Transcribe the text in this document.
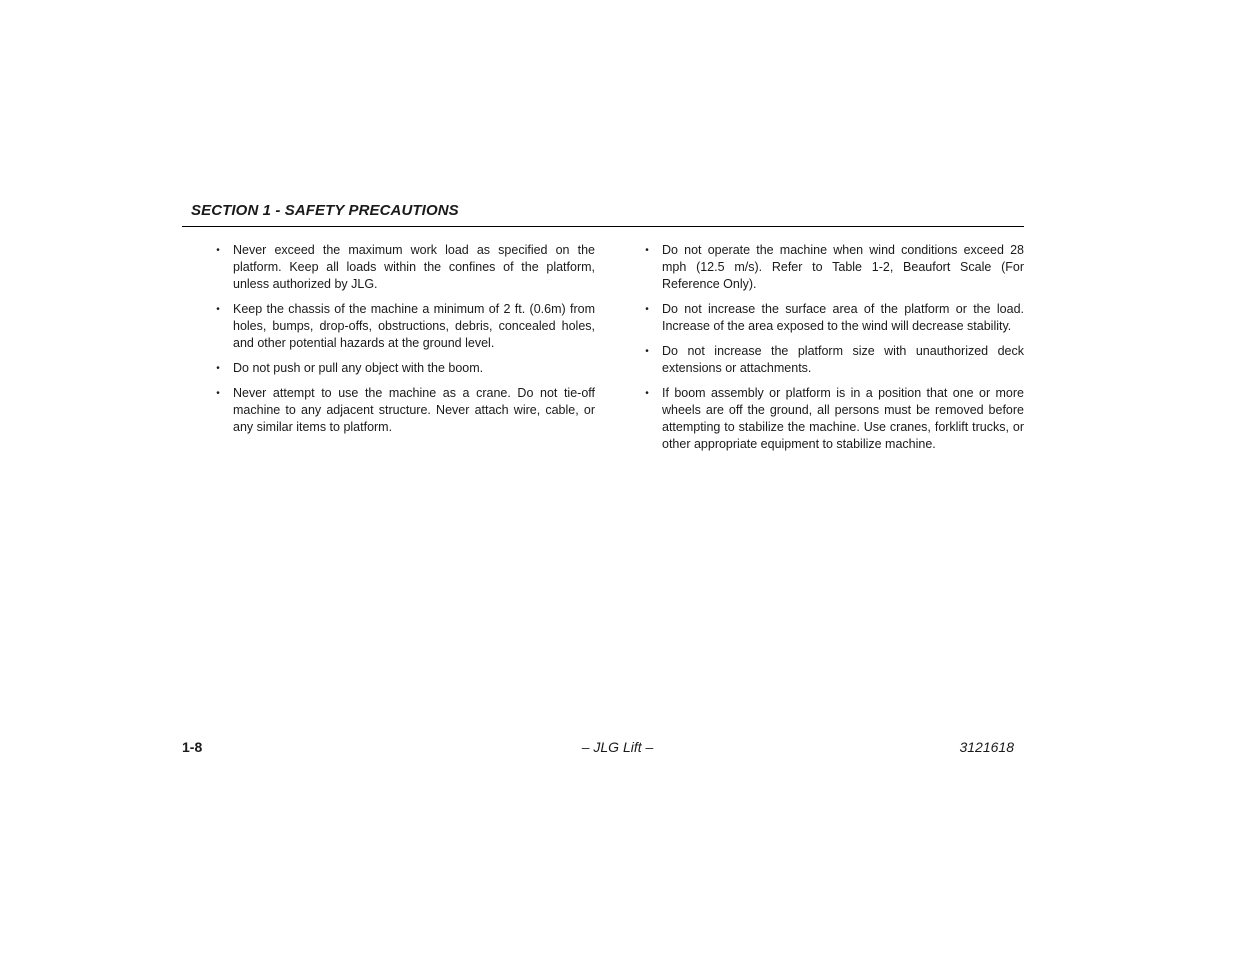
SECTION 1 - SAFETY PRECAUTIONS
• Never exceed the maximum work load as specified on the platform. Keep all loads within the confines of the platform, unless authorized by JLG.
• Keep the chassis of the machine a minimum of 2 ft. (0.6m) from holes, bumps, drop-offs, obstructions, debris, concealed holes, and other potential hazards at the ground level.
• Do not push or pull any object with the boom.
• Never attempt to use the machine as a crane. Do not tie-off machine to any adjacent structure. Never attach wire, cable, or any similar items to platform.
• Do not operate the machine when wind conditions exceed 28 mph (12.5 m/s). Refer to Table 1-2, Beaufort Scale (For Reference Only).
• Do not increase the surface area of the platform or the load. Increase of the area exposed to the wind will decrease stability.
• Do not increase the platform size with unauthorized deck extensions or attachments.
• If boom assembly or platform is in a position that one or more wheels are off the ground, all persons must be removed before attempting to stabilize the machine. Use cranes, forklift trucks, or other appropriate equipment to stabilize machine.
1-8	– JLG Lift –	3121618
